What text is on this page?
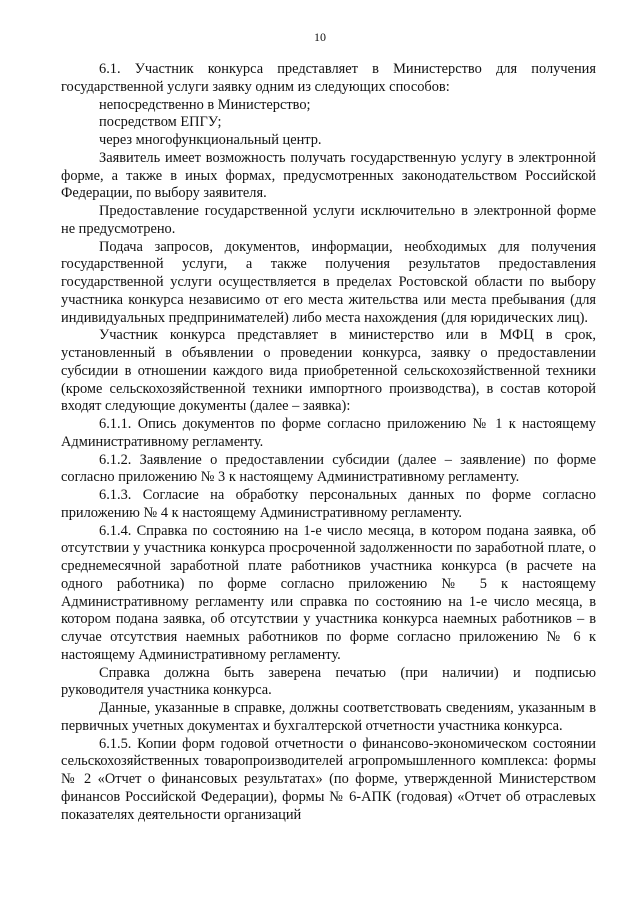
10

6.1. Участник конкурса представляет в Министерство для получения государственной услуги заявку одним из следующих способов:

непосредственно в Министерство;

посредством ЕПГУ;

через многофункциональный центр.

Заявитель имеет возможность получать государственную услугу в электронной форме, а также в иных формах, предусмотренных законодательством Российской Федерации, по выбору заявителя.

Предоставление государственной услуги исключительно в электронной форме не предусмотрено.

Подача запросов, документов, информации, необходимых для получения государственной услуги, а также получения результатов предоставления государственной услуги осуществляется в пределах Ростовской области по выбору участника конкурса независимо от его места жительства или места пребывания (для индивидуальных предпринимателей) либо места нахождения (для юридических лиц).

Участник конкурса представляет в министерство или в МФЦ в срок, установленный в объявлении о проведении конкурса, заявку о предоставлении субсидии в отношении каждого вида приобретенной сельскохозяйственной техники (кроме сельскохозяйственной техники импортного производства), в состав которой входят следующие документы (далее – заявка):

6.1.1. Опись документов по форме согласно приложению № 1 к настоящему Административному регламенту.

6.1.2. Заявление о предоставлении субсидии (далее – заявление) по форме согласно приложению № 3 к настоящему Административному регламенту.

6.1.3. Согласие на обработку персональных данных по форме согласно приложению № 4 к настоящему Административному регламенту.

6.1.4. Справка по состоянию на 1-е число месяца, в котором подана заявка, об отсутствии у участника конкурса просроченной задолженности по заработной плате, о среднемесячной заработной плате работников участника конкурса (в расчете на одного работника) по форме согласно приложению № 5 к настоящему Административному регламенту или справка по состоянию на 1-е число месяца, в котором подана заявка, об отсутствии у участника конкурса наемных работников – в случае отсутствия наемных работников по форме согласно приложению № 6 к настоящему Административному регламенту.

Справка должна быть заверена печатью (при наличии) и подписью руководителя участника конкурса.

Данные, указанные в справке, должны соответствовать сведениям, указанным в первичных учетных документах и бухгалтерской отчетности участника конкурса.

6.1.5. Копии форм годовой отчетности о финансово-экономическом состоянии сельскохозяйственных товаропроизводителей агропромышленного комплекса: формы № 2 «Отчет о финансовых результатах» (по форме, утвержденной Министерством финансов Российской Федерации), формы № 6-АПК (годовая) «Отчет об отраслевых показателях деятельности организаций
